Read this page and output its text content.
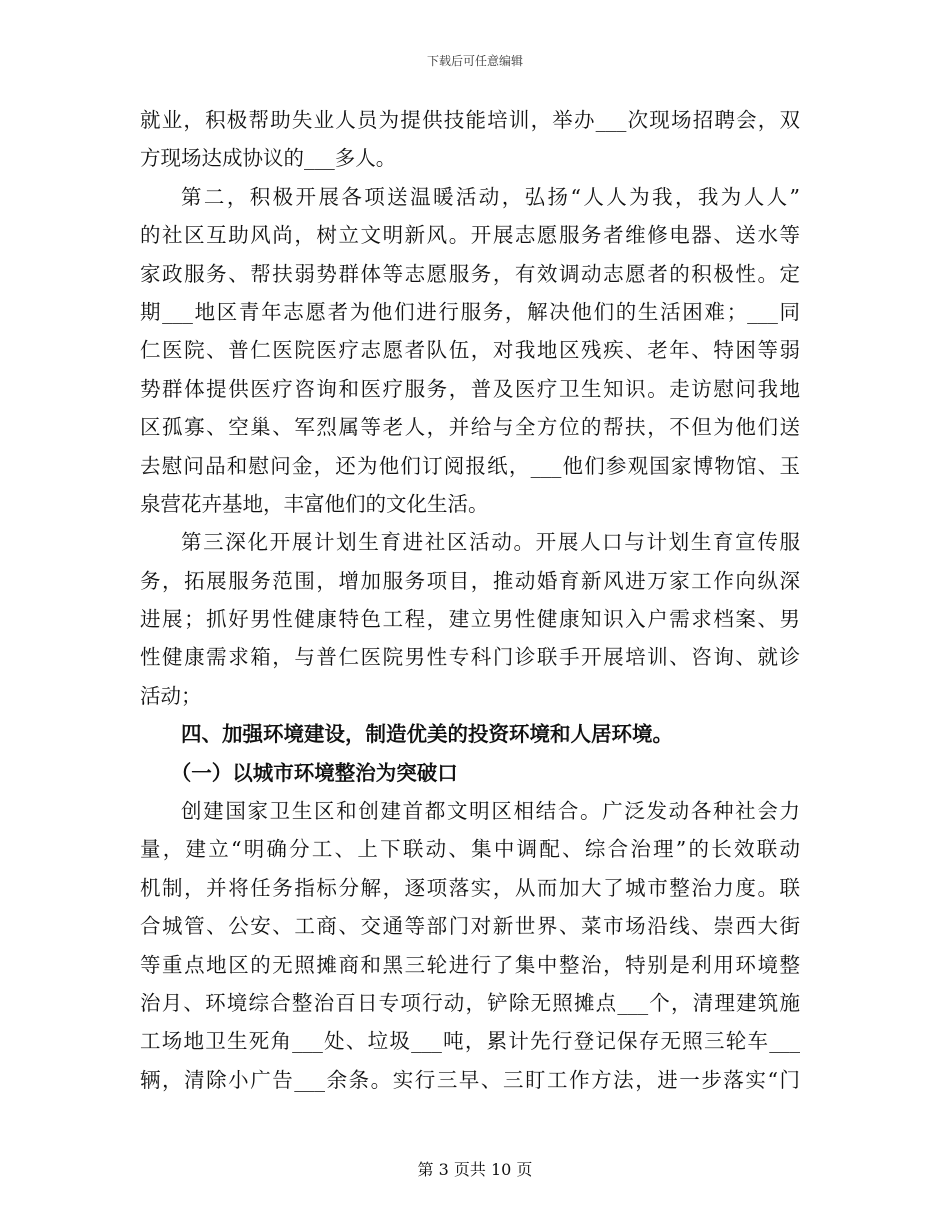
下载后可任意编辑
就业，积极帮助失业人员为提供技能培训，举办___次现场招聘会，双
方现场达成协议的___多人。
第二，积极开展各项送温暖活动，弘扬“人人为我，我为人人”
的社区互助风尚，树立文明新风。开展志愿服务者维修电器、送水等
家政服务、帮扶弱势群体等志愿服务，有效调动志愿者的积极性。定
期___地区青年志愿者为他们进行服务，解决他们的生活困难；___同
仁医院、普仁医院医疗志愿者队伍，对我地区残疾、老年、特困等弱
势群体提供医疗咨询和医疗服务，普及医疗卫生知识。走访慰问我地
区孤寡、空巢、军烈属等老人，并给与全方位的帮扶，不但为他们送
去慰问品和慰问金，还为他们订阅报纸，___他们参观国家博物馆、玉
泉营花卉基地，丰富他们的文化生活。
第三深化开展计划生育进社区活动。开展人口与计划生育宣传服
务，拓展服务范围，增加服务项目，推动婚育新风进万家工作向纵深
进展；抓好男性健康特色工程，建立男性健康知识入户需求档案、男
性健康需求箱，与普仁医院男性专科门诊联手开展培训、咨询、就诊
活动；
四、加强环境建设，制造优美的投资环境和人居环境。
（一）以城市环境整治为突破口
创建国家卫生区和创建首都文明区相结合。广泛发动各种社会力
量，建立“明确分工、上下联动、集中调配、综合治理”的长效联动
机制，并将任务指标分解，逐项落实，从而加大了城市整治力度。联
合城管、公安、工商、交通等部门对新世界、菜市场沿线、崇西大街
等重点地区的无照摊商和黑三轮进行了集中整治，特别是利用环境整
治月、环境综合整治百日专项行动，铲除无照摊点___个，清理建筑施
工场地卫生死角___处、垃圾___吨，累计先行登记保存无照三轮车___
辆，清除小广告___余条。实行三早、三盯工作方法，进一步落实“门
第 3 页共 10 页
